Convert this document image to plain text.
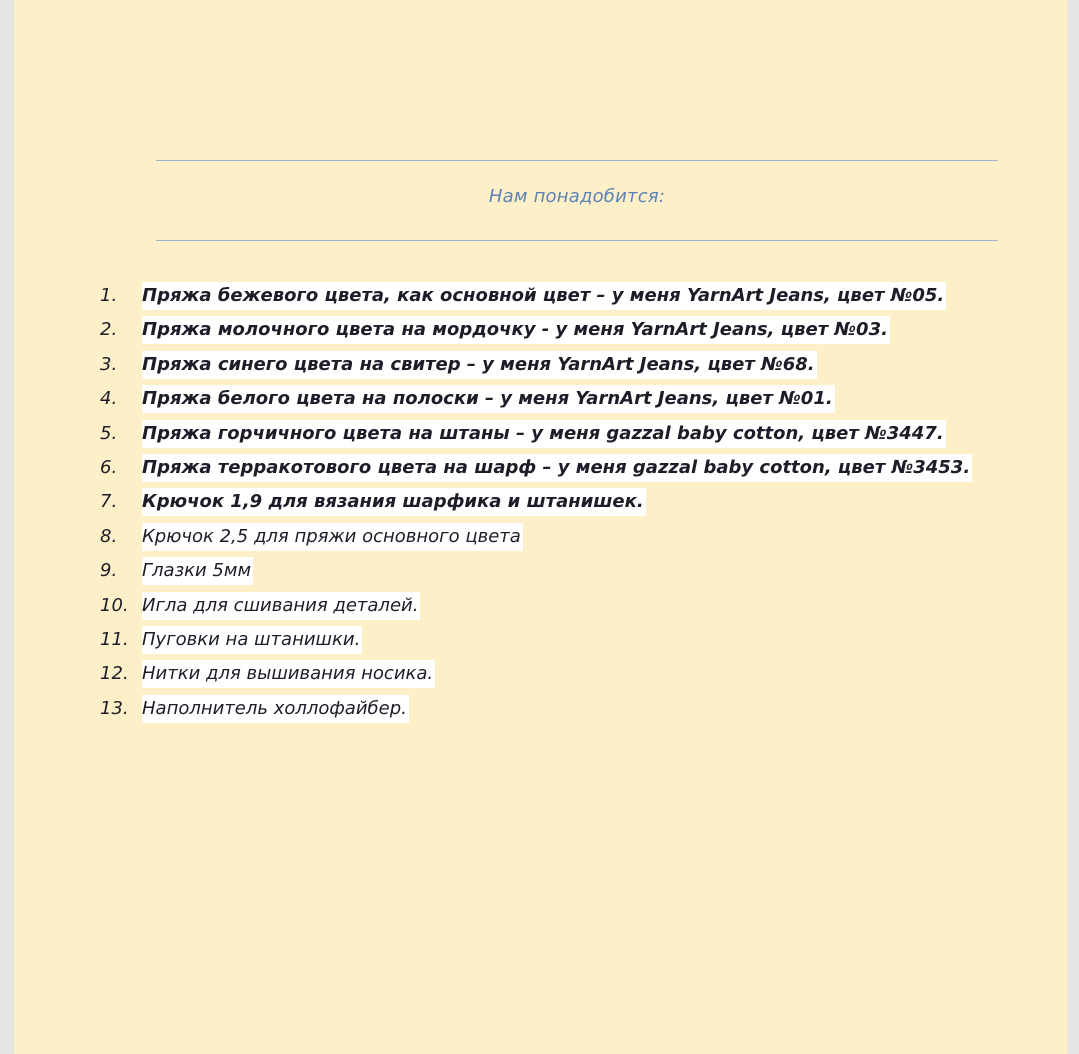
Нам понадобится:
1.	Пряжа бежевого цвета, как основной цвет – у меня YarnArt Jeans, цвет №05.
2.	Пряжа молочного цвета на мордочку - у меня YarnArt Jeans, цвет №03.
3.	Пряжа синего цвета на свитер – у меня YarnArt Jeans, цвет №68.
4.	Пряжа белого цвета на полоски – у меня YarnArt Jeans, цвет №01.
5.	Пряжа горчичного цвета на штаны – у меня gazzal baby cotton, цвет №3447.
6.	Пряжа терракотового цвета на шарф – у меня gazzal baby cotton, цвет №3453.
7.	Крючок 1,9 для вязания шарфика и штанишек.
8.	Крючок 2,5 для пряжи основного цвета
9.	Глазки 5мм
10. Игла для сшивания деталей.
11. Пуговки на штанишки.
12. Нитки для вышивания носика.
13. Наполнитель холлофайбер.
